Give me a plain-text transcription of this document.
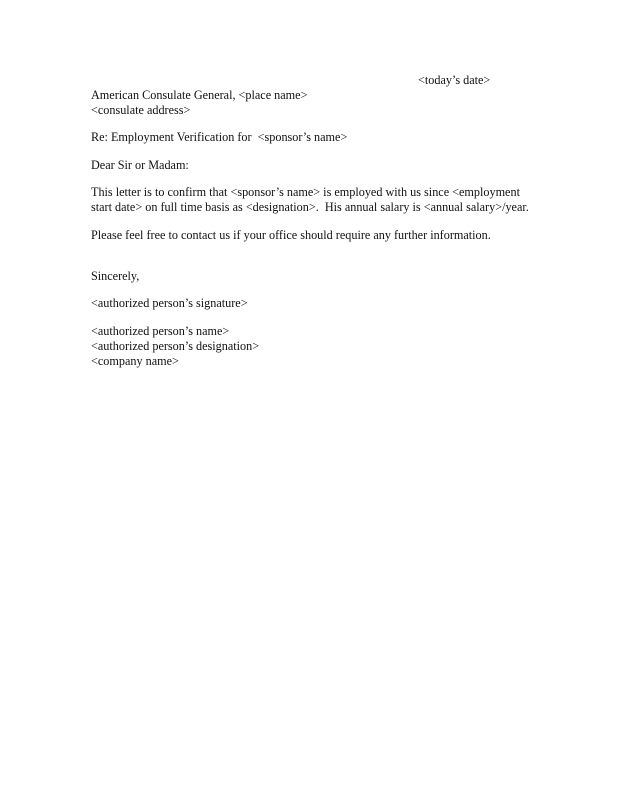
<today’s date>

American Consulate General, <place name>

<consulate address>

Re: Employment Verification for  <sponsor’s name>

Dear Sir or Madam:

This letter is to confirm that <sponsor’s name> is employed with us since <employment

start date> on full time basis as <designation>.  His annual salary is <annual salary>/year.

Please feel free to contact us if your office should require any further information.

Sincerely,

<authorized person’s signature>

<authorized person’s name>

<authorized person’s designation>

<company name>
